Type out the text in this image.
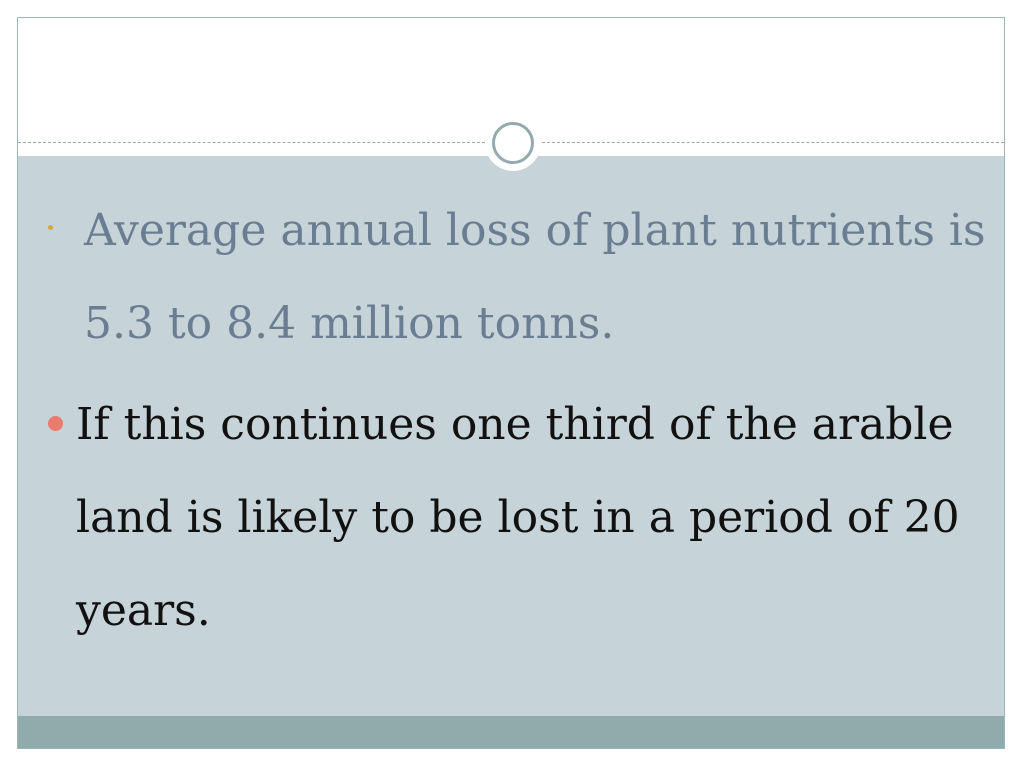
Average annual loss of plant nutrients is 5.3 to 8.4 million tonns.
If this continues one third of the arable land is likely to be lost in a period of 20 years.
